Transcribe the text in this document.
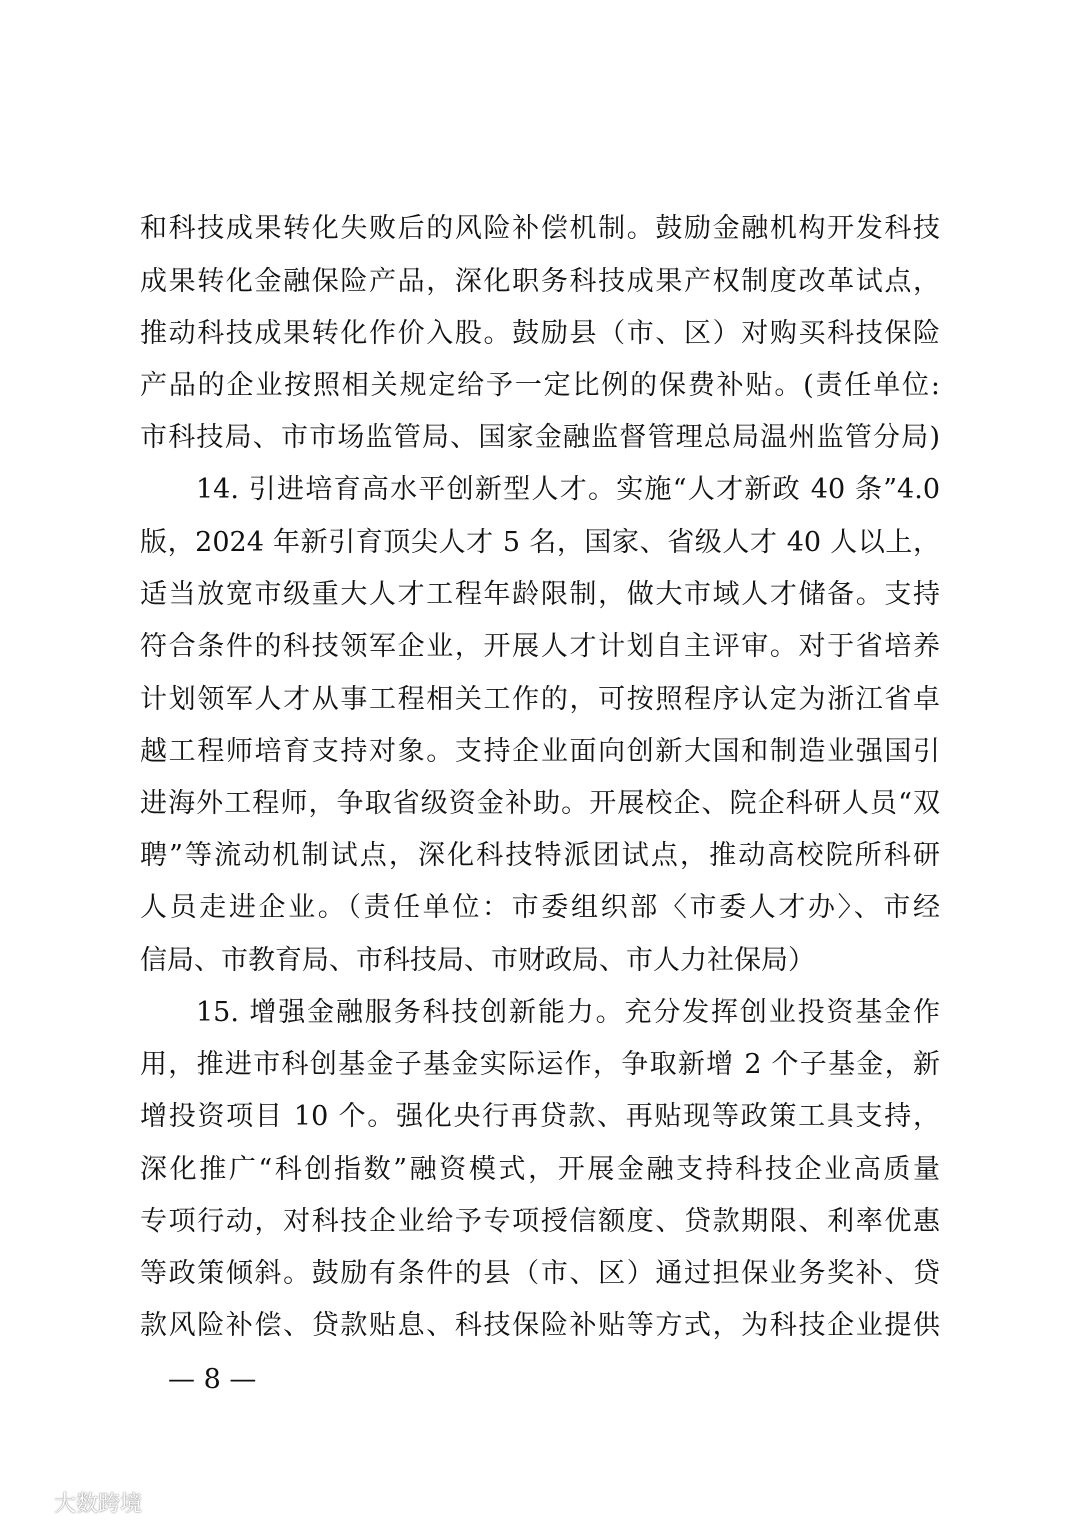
和科技成果转化失败后的风险补偿机制。鼓励金融机构开发科技
成果转化金融保险产品，深化职务科技成果产权制度改革试点，
推动科技成果转化作价入股。鼓励县（市、区）对购买科技保险
产品的企业按照相关规定给予一定比例的保费补贴。(责任单位:
市科技局、市市场监管局、国家金融监督管理总局温州监管分局)
14. 引进培育高水平创新型人才。实施“人才新政 40 条”4.0
版，2024 年新引育顶尖人才 5 名，国家、省级人才 40 人以上，
适当放宽市级重大人才工程年龄限制，做大市域人才储备。支持
符合条件的科技领军企业，开展人才计划自主评审。对于省培养
计划领军人才从事工程相关工作的，可按照程序认定为浙江省卓
越工程师培育支持对象。支持企业面向创新大国和制造业强国引
进海外工程师，争取省级资金补助。开展校企、院企科研人员“双
聘”等流动机制试点，深化科技特派团试点，推动高校院所科研
人员走进企业。（责任单位：市委组织部〈市委人才办〉、市经
信局、市教育局、市科技局、市财政局、市人力社保局）
15. 增强金融服务科技创新能力。充分发挥创业投资基金作
用，推进市科创基金子基金实际运作，争取新增 2 个子基金，新
增投资项目 10 个。强化央行再贷款、再贴现等政策工具支持，
深化推广“科创指数”融资模式，开展金融支持科技企业高质量
专项行动，对科技企业给予专项授信额度、贷款期限、利率优惠
等政策倾斜。鼓励有条件的县（市、区）通过担保业务奖补、贷
款风险补偿、贷款贴息、科技保险补贴等方式，为科技企业提供
— 8 —
大数跨境
